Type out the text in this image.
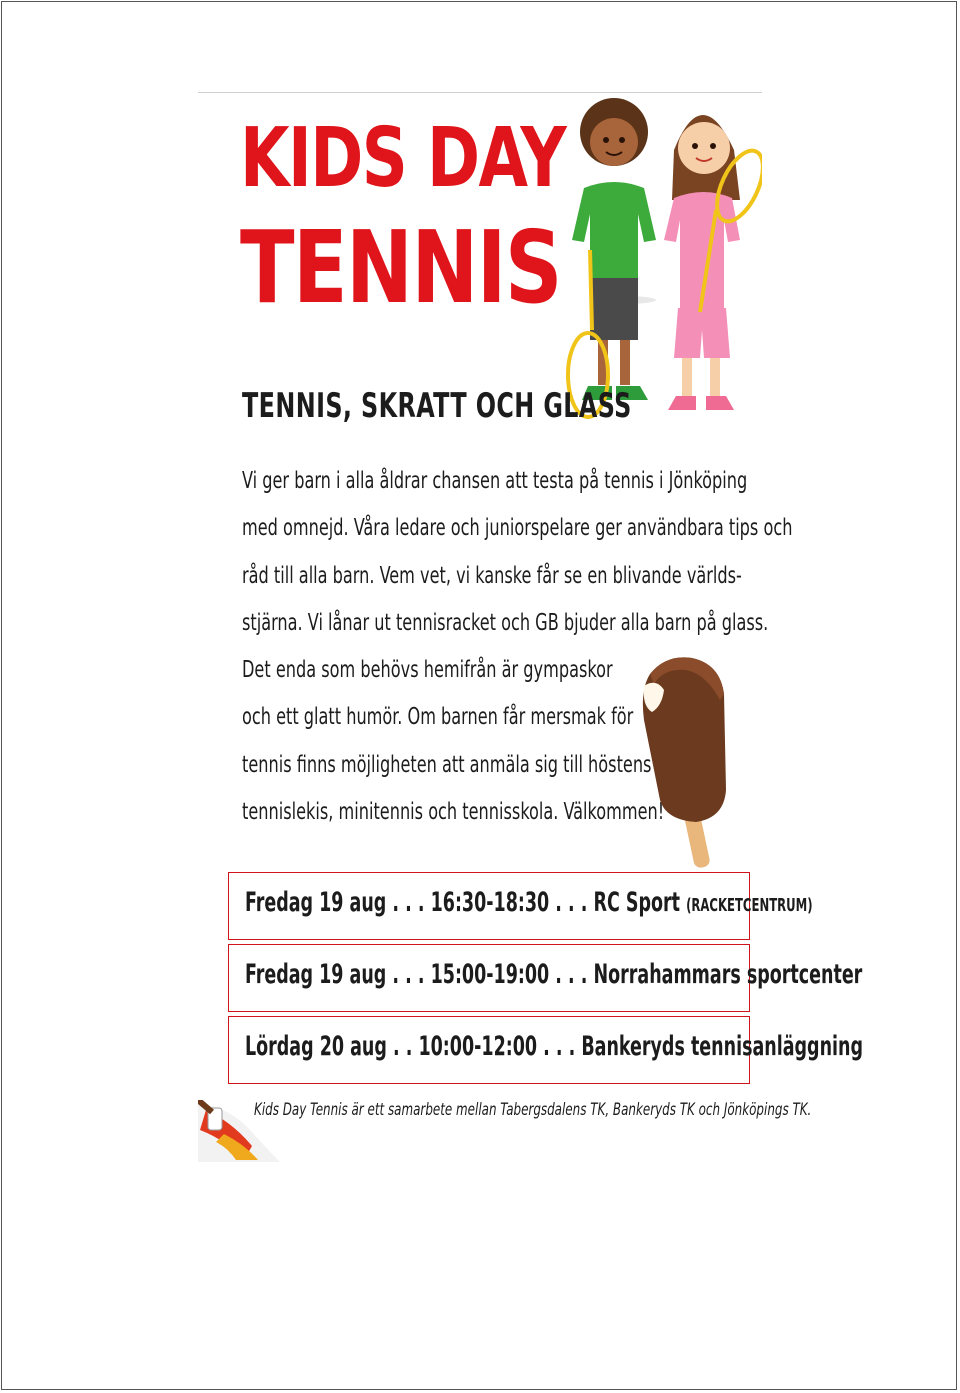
KIDS DAY
TENNIS
TENNIS, SKRATT OCH GLASS
Vi ger barn i alla åldrar chansen att testa på tennis i Jönköping
med omnejd. Våra ledare och juniorspelare ger användbara tips och
råd till alla barn. Vem vet, vi kanske får se en blivande världs-
stjärna. Vi lånar ut tennisracket och GB bjuder alla barn på glass.
Det enda som behövs hemifrån är gympaskor
och ett glatt humör. Om barnen får mersmak för
tennis finns möjligheten att anmäla sig till höstens
tennislekis, minitennis och tennisskola. Välkommen!
Fredag 19 aug . . . 16:30-18:30 . . . RC Sport (RACKETCENTRUM)
Fredag 19 aug . . . 15:00-19:00 . . . Norrahammars sportcenter
Lördag 20 aug . . 10:00-12:00 . . . Bankeryds tennisanläggning
Kids Day Tennis är ett samarbete mellan Tabergsdalens TK, Bankeryds TK och Jönköpings TK.
